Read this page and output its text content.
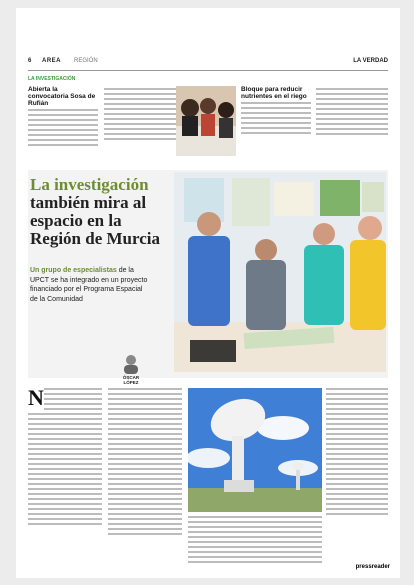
6 AREA REGIÓN	LA VERDAD
LA INVESTIGACIÓN
Abierta la convocatoria Sosa de Rufián
Bloque para reducir nutrientes en el riego
La investigación
también mira al espacio en la Región de Murcia
Un grupo de especialistas de la UPCT se ha integrado en un proyecto financiado por el Programa Espacial de la Comunidad
ÓSCAR LÓPEZ
N
pressreader
